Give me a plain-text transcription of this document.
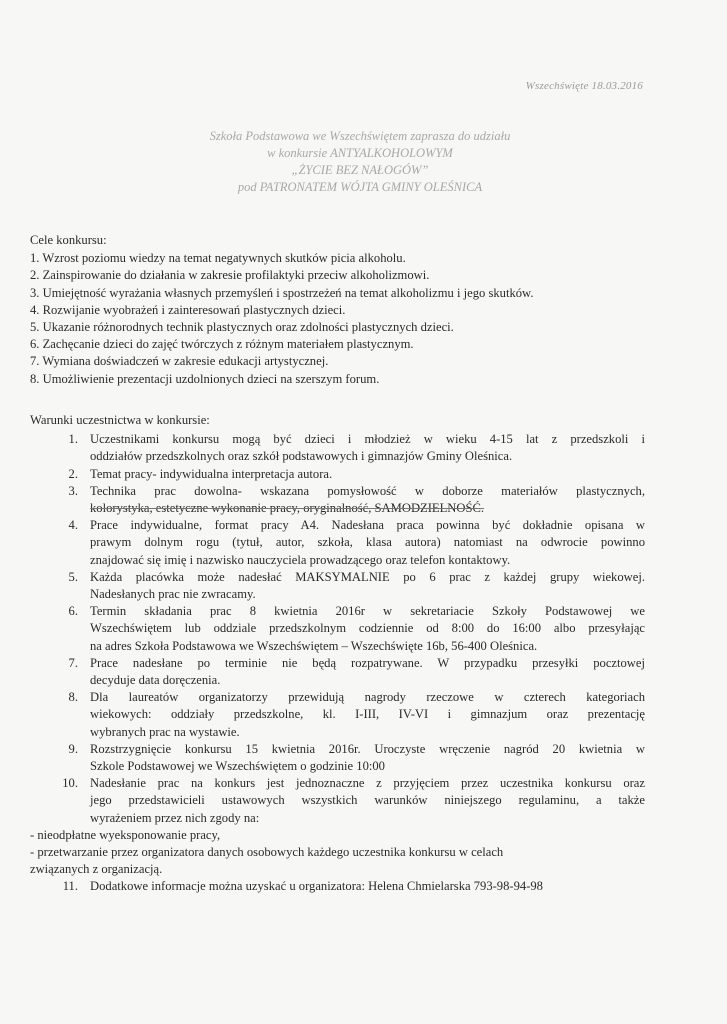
Wszechświęte 18.03.2016
Szkoła Podstawowa we Wszechświętem zaprasza do udziału
w konkursie ANTYALKOHOLOWYM
„ŻYCIE BEZ NAŁOGÓW”
pod PATRONATEM WÓJTA GMINY OLEŚNICA
Cele konkursu:
1. Wzrost poziomu wiedzy na temat negatywnych skutków picia alkoholu.
2. Zainspirowanie do działania w zakresie profilaktyki przeciw alkoholizmowi.
3. Umiejętność wyrażania własnych przemyśleń i spostrzeżeń na temat alkoholizmu i jego skutków.
4. Rozwijanie wyobrażeń i zainteresowań plastycznych dzieci.
5. Ukazanie różnorodnych technik plastycznych oraz zdolności plastycznych dzieci.
6. Zachęcanie dzieci do zajęć twórczych z różnym materiałem plastycznym.
7. Wymiana doświadczeń w zakresie edukacji artystycznej.
8. Umożliwienie prezentacji uzdolnionych dzieci na szerszym forum.
Warunki uczestnictwa w konkursie:
1. Uczestnikami konkursu mogą być dzieci i młodzież w wieku 4-15 lat z przedszkoli i
oddziałów przedszkolnych oraz szkół podstawowych i gimnazjów Gminy Oleśnica.
2. Temat pracy- indywidualna interpretacja autora.
3. Technika prac dowolna- wskazana pomysłowość w doborze materiałów plastycznych,
kolorystyka, estetyczne wykonanie pracy, oryginalność, SAMODZIELNOŚĆ.
4. Prace indywidualne, format pracy A4. Nadesłana praca powinna być dokładnie opisana w
prawym dolnym rogu (tytuł, autor, szkoła, klasa autora) natomiast na odwrocie powinno
znajdować się imię i nazwisko nauczyciela prowadzącego oraz telefon kontaktowy.
5. Każda placówka może nadesłać MAKSYMALNIE po 6 prac z każdej grupy wiekowej.
Nadesłanych prac nie zwracamy.
6. Termin składania prac 8 kwietnia 2016r w sekretariacie Szkoły Podstawowej we
Wszechświętem lub oddziale przedszkolnym codziennie od 8:00 do 16:00 albo przesyłając
na adres Szkoła Podstawowa we Wszechświętem – Wszechświęte 16b, 56-400 Oleśnica.
7. Prace nadesłane po terminie nie będą rozpatrywane. W przypadku przesyłki pocztowej
decyduje data doręczenia.
8. Dla laureatów organizatorzy przewidują nagrody rzeczowe w czterech kategoriach
wiekowych: oddziały przedszkolne, kl. I-III, IV-VI i gimnazjum oraz prezentację
wybranych prac na wystawie.
9. Rozstrzygnięcie konkursu 15 kwietnia 2016r. Uroczyste wręczenie nagród 20 kwietnia w
Szkole Podstawowej we Wszechświętem o godzinie 10:00
10. Nadesłanie prac na konkurs jest jednoznaczne z przyjęciem przez uczestnika konkursu oraz
jego przedstawicieli ustawowych wszystkich warunków niniejszego regulaminu, a także
wyrażeniem przez nich zgody na:
- nieodpłatne wyeksponowanie pracy,
- przetwarzanie przez organizatora danych osobowych każdego uczestnika konkursu w celach
związanych z organizacją.
11. Dodatkowe informacje można uzyskać u organizatora: Helena Chmielarska 793-98-94-98
